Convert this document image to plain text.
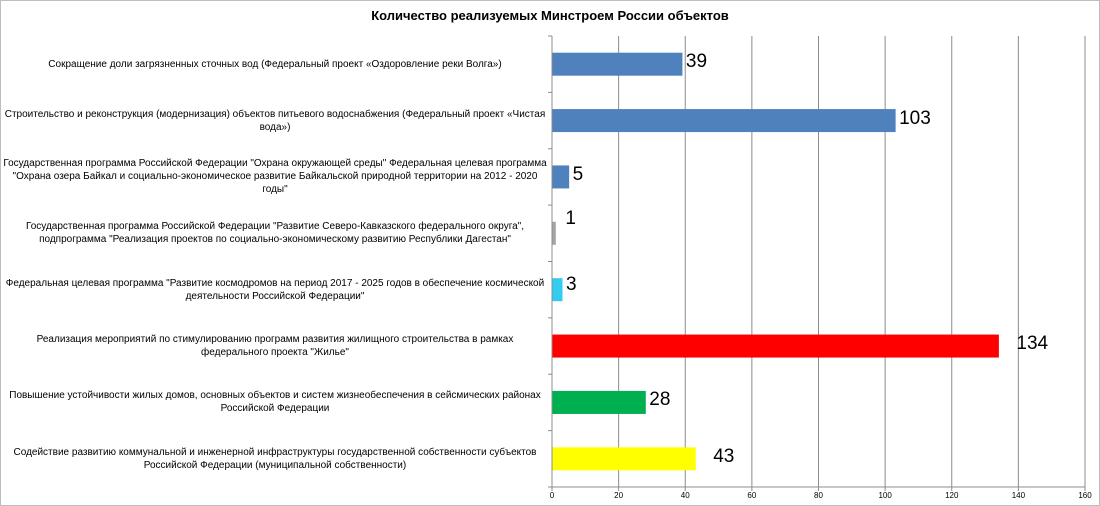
Количество реализуемых Минстроем России объектов
0	20	40	60	80	100	120	140	160
Сокращение доли загрязненных сточных вод (Федеральный проект «Оздоровление реки Волга»)	39
Строительство и реконструкция (модернизация) объектов питьевого водоснабжения (Федеральный проект «Чистая вода»)	103
Государственная программа Российской Федерации "Охрана окружающей среды" Федеральная целевая программа "Охрана озера Байкал и социально-экономическое развитие Байкальской природной территории на 2012 - 2020 годы"
5
Государственная программа Российской Федерации "Развитие Северо-Кавказского федерального округа", подпрограмма "Реализация проектов по социально-экономическому развитию Республики Дагестан"
1
Федеральная целевая программа "Развитие космодромов на период 2017 - 2025 годов в обеспечение космической деятельности Российской Федерации"
3
Реализация мероприятий по стимулированию программ развития жилищного строительства в рамках федерального проекта "Жилье"	134
Повышение устойчивости жилых домов, основных объектов и систем жизнеобеспечения в сейсмических районах Российской Федерации	28
Содействие развитию коммунальной и инженерной инфраструктуры государственной собственности субъектов Российской Федерации (муниципальной собственности)	43
